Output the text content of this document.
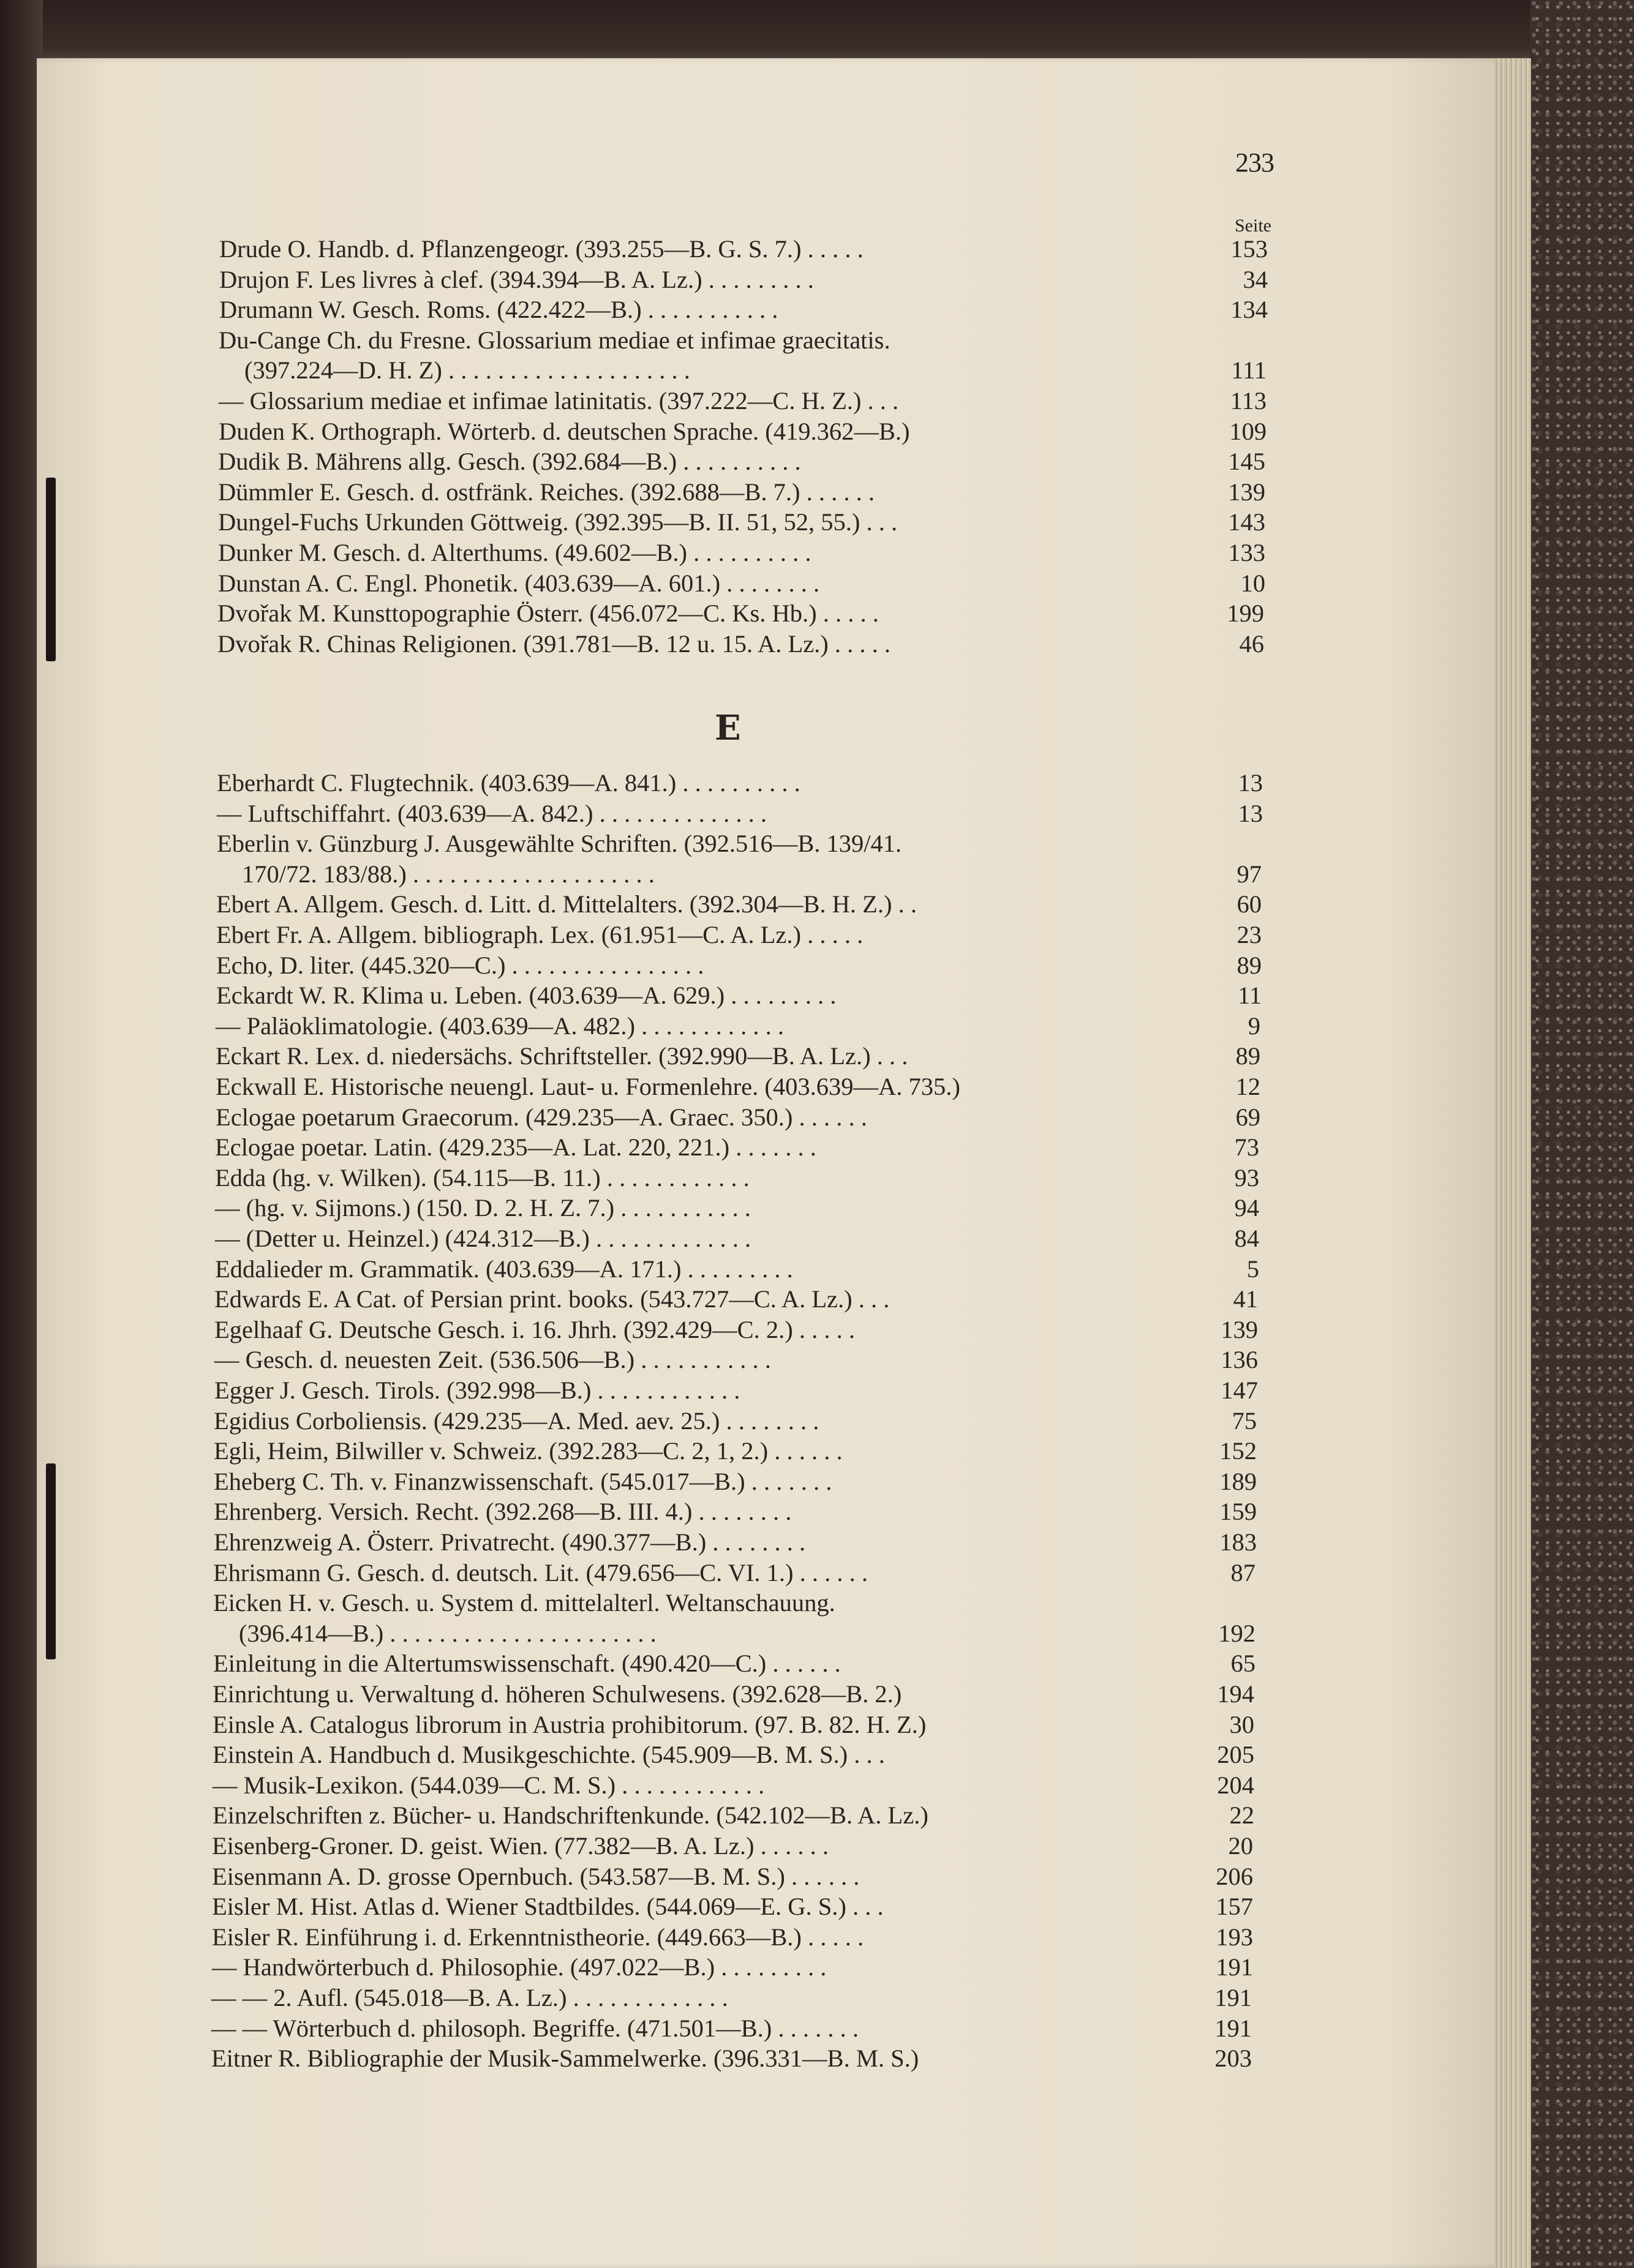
233
Seite
E
Drude O. Handb. d. Pflanzengeogr. (393.255—B. G. S. 7.) . . . . .	153
Drujon F. Les livres à clef. (394.394—B. A. Lz.) . . . . . . . . .	34
Drumann W. Gesch. Roms. (422.422—B.) . . . . . . . . . . .	134
Du-Cange Ch. du Fresne. Glossarium mediae et infimae graecitatis.
(397.224—D. H. Z) . . . . . . . . . . . . . . . . . . . .	111
— Glossarium mediae et infimae latinitatis. (397.222—C. H. Z.) . . .	113
Duden K. Orthograph. Wörterb. d. deutschen Sprache. (419.362—B.)	109
Dudik B. Mährens allg. Gesch. (392.684—B.) . . . . . . . . . .	145
Dümmler E. Gesch. d. ostfränk. Reiches. (392.688—B. 7.) . . . . . .	139
Dungel-Fuchs Urkunden Göttweig. (392.395—B. II. 51, 52, 55.) . . .	143
Dunker M. Gesch. d. Alterthums. (49.602—B.) . . . . . . . . . .	133
Dunstan A. C. Engl. Phonetik. (403.639—A. 601.) . . . . . . . .	10
Dvořak M. Kunsttopographie Österr. (456.072—C. Ks. Hb.) . . . . .	199
Dvořak R. Chinas Religionen. (391.781—B. 12 u. 15. A. Lz.) . . . . .	46
Eberhardt C. Flugtechnik. (403.639—A. 841.) . . . . . . . . . .	13
— Luftschiffahrt. (403.639—A. 842.) . . . . . . . . . . . . . .	13
Eberlin v. Günzburg J. Ausgewählte Schriften. (392.516—B. 139/41.
170/72. 183/88.) . . . . . . . . . . . . . . . . . . . .	97
Ebert A. Allgem. Gesch. d. Litt. d. Mittelalters. (392.304—B. H. Z.) . .	60
Ebert Fr. A. Allgem. bibliograph. Lex. (61.951—C. A. Lz.) . . . . .	23
Echo, D. liter. (445.320—C.) . . . . . . . . . . . . . . . .	89
Eckardt W. R. Klima u. Leben. (403.639—A. 629.) . . . . . . . . .	11
— Paläoklimatologie. (403.639—A. 482.) . . . . . . . . . . . .	9
Eckart R. Lex. d. niedersächs. Schriftsteller. (392.990—B. A. Lz.) . . .	89
Eckwall E. Historische neuengl. Laut- u. Formenlehre. (403.639—A. 735.)	12
Eclogae poetarum Graecorum. (429.235—A. Graec. 350.) . . . . . .	69
Eclogae poetar. Latin. (429.235—A. Lat. 220, 221.) . . . . . . .	73
Edda (hg. v. Wilken). (54.115—B. 11.) . . . . . . . . . . . .	93
— (hg. v. Sijmons.) (150. D. 2. H. Z. 7.) . . . . . . . . . . .	94
— (Detter u. Heinzel.) (424.312—B.) . . . . . . . . . . . . .	84
Eddalieder m. Grammatik. (403.639—A. 171.) . . . . . . . . .	5
Edwards E. A Cat. of Persian print. books. (543.727—C. A. Lz.) . . .	41
Egelhaaf G. Deutsche Gesch. i. 16. Jhrh. (392.429—C. 2.) . . . . .	139
— Gesch. d. neuesten Zeit. (536.506—B.) . . . . . . . . . . .	136
Egger J. Gesch. Tirols. (392.998—B.) . . . . . . . . . . . .	147
Egidius Corboliensis. (429.235—A. Med. aev. 25.) . . . . . . . .	75
Egli, Heim, Bilwiller v. Schweiz. (392.283—C. 2, 1, 2.) . . . . . .	152
Eheberg C. Th. v. Finanzwissenschaft. (545.017—B.) . . . . . . .	189
Ehrenberg. Versich. Recht. (392.268—B. III. 4.) . . . . . . . .	159
Ehrenzweig A. Österr. Privatrecht. (490.377—B.) . . . . . . . .	183
Ehrismann G. Gesch. d. deutsch. Lit. (479.656—C. VI. 1.) . . . . . .	87
Eicken H. v. Gesch. u. System d. mittelalterl. Weltanschauung.
(396.414—B.) . . . . . . . . . . . . . . . . . . . . . .	192
Einleitung in die Altertumswissenschaft. (490.420—C.) . . . . . .	65
Einrichtung u. Verwaltung d. höheren Schulwesens. (392.628—B. 2.)	194
Einsle A. Catalogus librorum in Austria prohibitorum. (97. B. 82. H. Z.)	30
Einstein A. Handbuch d. Musikgeschichte. (545.909—B. M. S.) . . .	205
— Musik-Lexikon. (544.039—C. M. S.) . . . . . . . . . . . .	204
Einzelschriften z. Bücher- u. Handschriftenkunde. (542.102—B. A. Lz.)	22
Eisenberg-Groner. D. geist. Wien. (77.382—B. A. Lz.) . . . . . .	20
Eisenmann A. D. grosse Opernbuch. (543.587—B. M. S.) . . . . . .	206
Eisler M. Hist. Atlas d. Wiener Stadtbildes. (544.069—E. G. S.) . . .	157
Eisler R. Einführung i. d. Erkenntnistheorie. (449.663—B.) . . . . .	193
— Handwörterbuch d. Philosophie. (497.022—B.) . . . . . . . . .	191
— — 2. Aufl. (545.018—B. A. Lz.) . . . . . . . . . . . . .	191
— — Wörterbuch d. philosoph. Begriffe. (471.501—B.) . . . . . . .	191
Eitner R. Bibliographie der Musik-Sammelwerke. (396.331—B. M. S.)	203
